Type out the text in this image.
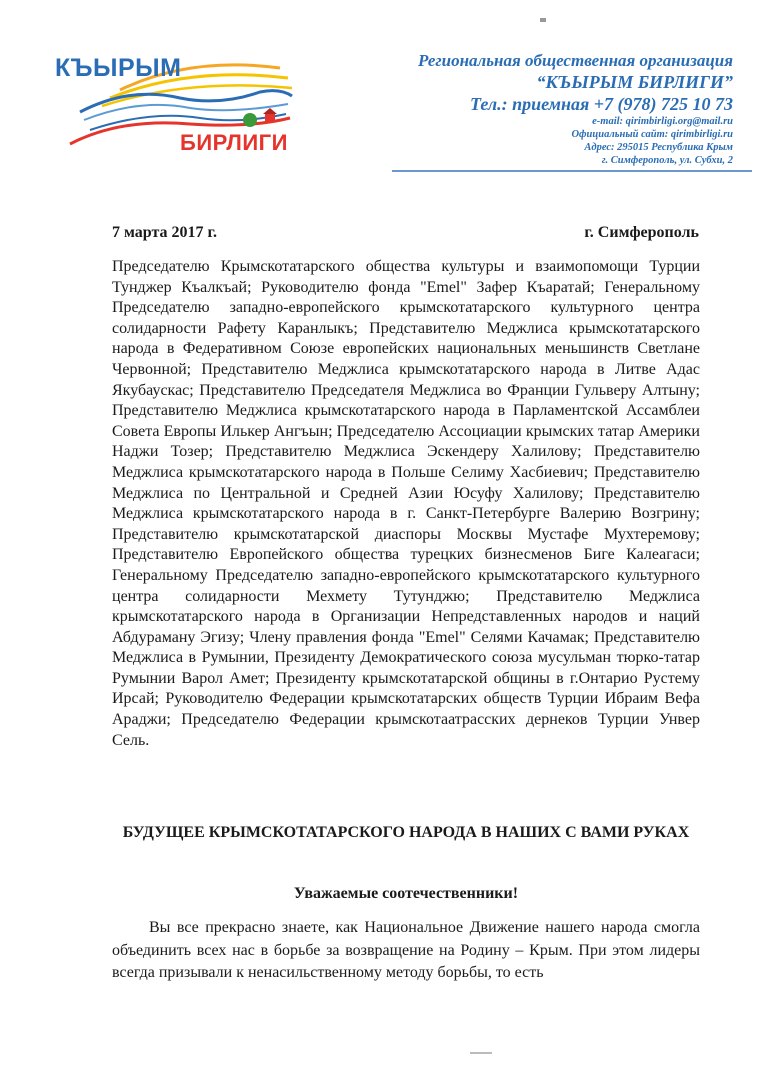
КЪЫРЫМ
БИРЛИГИ
Региональная общественная организация
“КЪЫРЫМ БИРЛИГИ”
Тел.: приемная +7 (978) 725 10 73
e-mail: qirimbirligi.org@mail.ru
Официальный сайт: qirimbirligi.ru
Адрес: 295015 Республика Крым
г. Симферополь, ул. Субхи, 2
7 марта 2017 г.	г. Симферополь

Председателю Крымскотатарского общества культуры и взаимопомощи Турции Тунджер Къалкъай; Руководителю фонда "Emel" Зафер Къаратай; Генеральному Председателю западно-европейского крымскотатарского культурного центра солидарности Рафету Каранлыкъ; Представителю Меджлиса крымскотатарского народа в Федеративном Союзе европейских национальных меньшинств Светлане Червонной; Представителю Меджлиса крымскотатарского народа в Литве Адас Якубаускас; Представителю Председателя Меджлиса во Франции Гульверу Алтыну; Представителю Меджлиса крымскотатарского народа в Парламентской Ассамблеи Совета Европы Илькер Ангъын; Председателю Ассоциации крымских татар Америки Наджи Тозер; Представителю Меджлиса Эскендеру Халилову; Представителю Меджлиса крымскотатарского народа в Польше Селиму Хасбиевич; Представителю Меджлиса по Центральной и Средней Азии Юсуфу Халилову; Представителю Меджлиса крымскотатарского народа в г. Санкт-Петербурге Валерию Возгрину; Представителю крымскотатарской диаспоры Москвы Мустафе Мухтеремову; Представителю Европейского общества турецких бизнесменов Биге Калеагаси; Генеральному Председателю западно-европейского крымскотатарского культурного центра солидарности Мехмету Тутунджю; Представителю Меджлиса крымскотатарского народа в Организации Непредставленных народов и наций Абдураману Эгизу; Члену правления фонда "Emel" Селями Качамак; Представителю Меджлиса в Румынии, Президенту Демократического союза мусульман тюрко-татар Румынии Варол Амет; Президенту крымскотатарской общины в г.Онтарио Рустему Ирсай; Руководителю Федерации крымскотатарских обществ Турции Ибраим Вефа Араджи; Председателю Федерации крымскотаатрасских дернеков Турции Унвер Сель.

БУДУЩЕЕ КРЫМСКОТАТАРСКОГО НАРОДА В НАШИХ С ВАМИ РУКАХ
Уважаемые соотечественники!

Вы все прекрасно знаете, как Национальное Движение нашего народа смогла объединить всех нас в борьбе за возвращение на Родину – Крым. При этом лидеры всегда призывали к ненасильственному методу борьбы, то есть
